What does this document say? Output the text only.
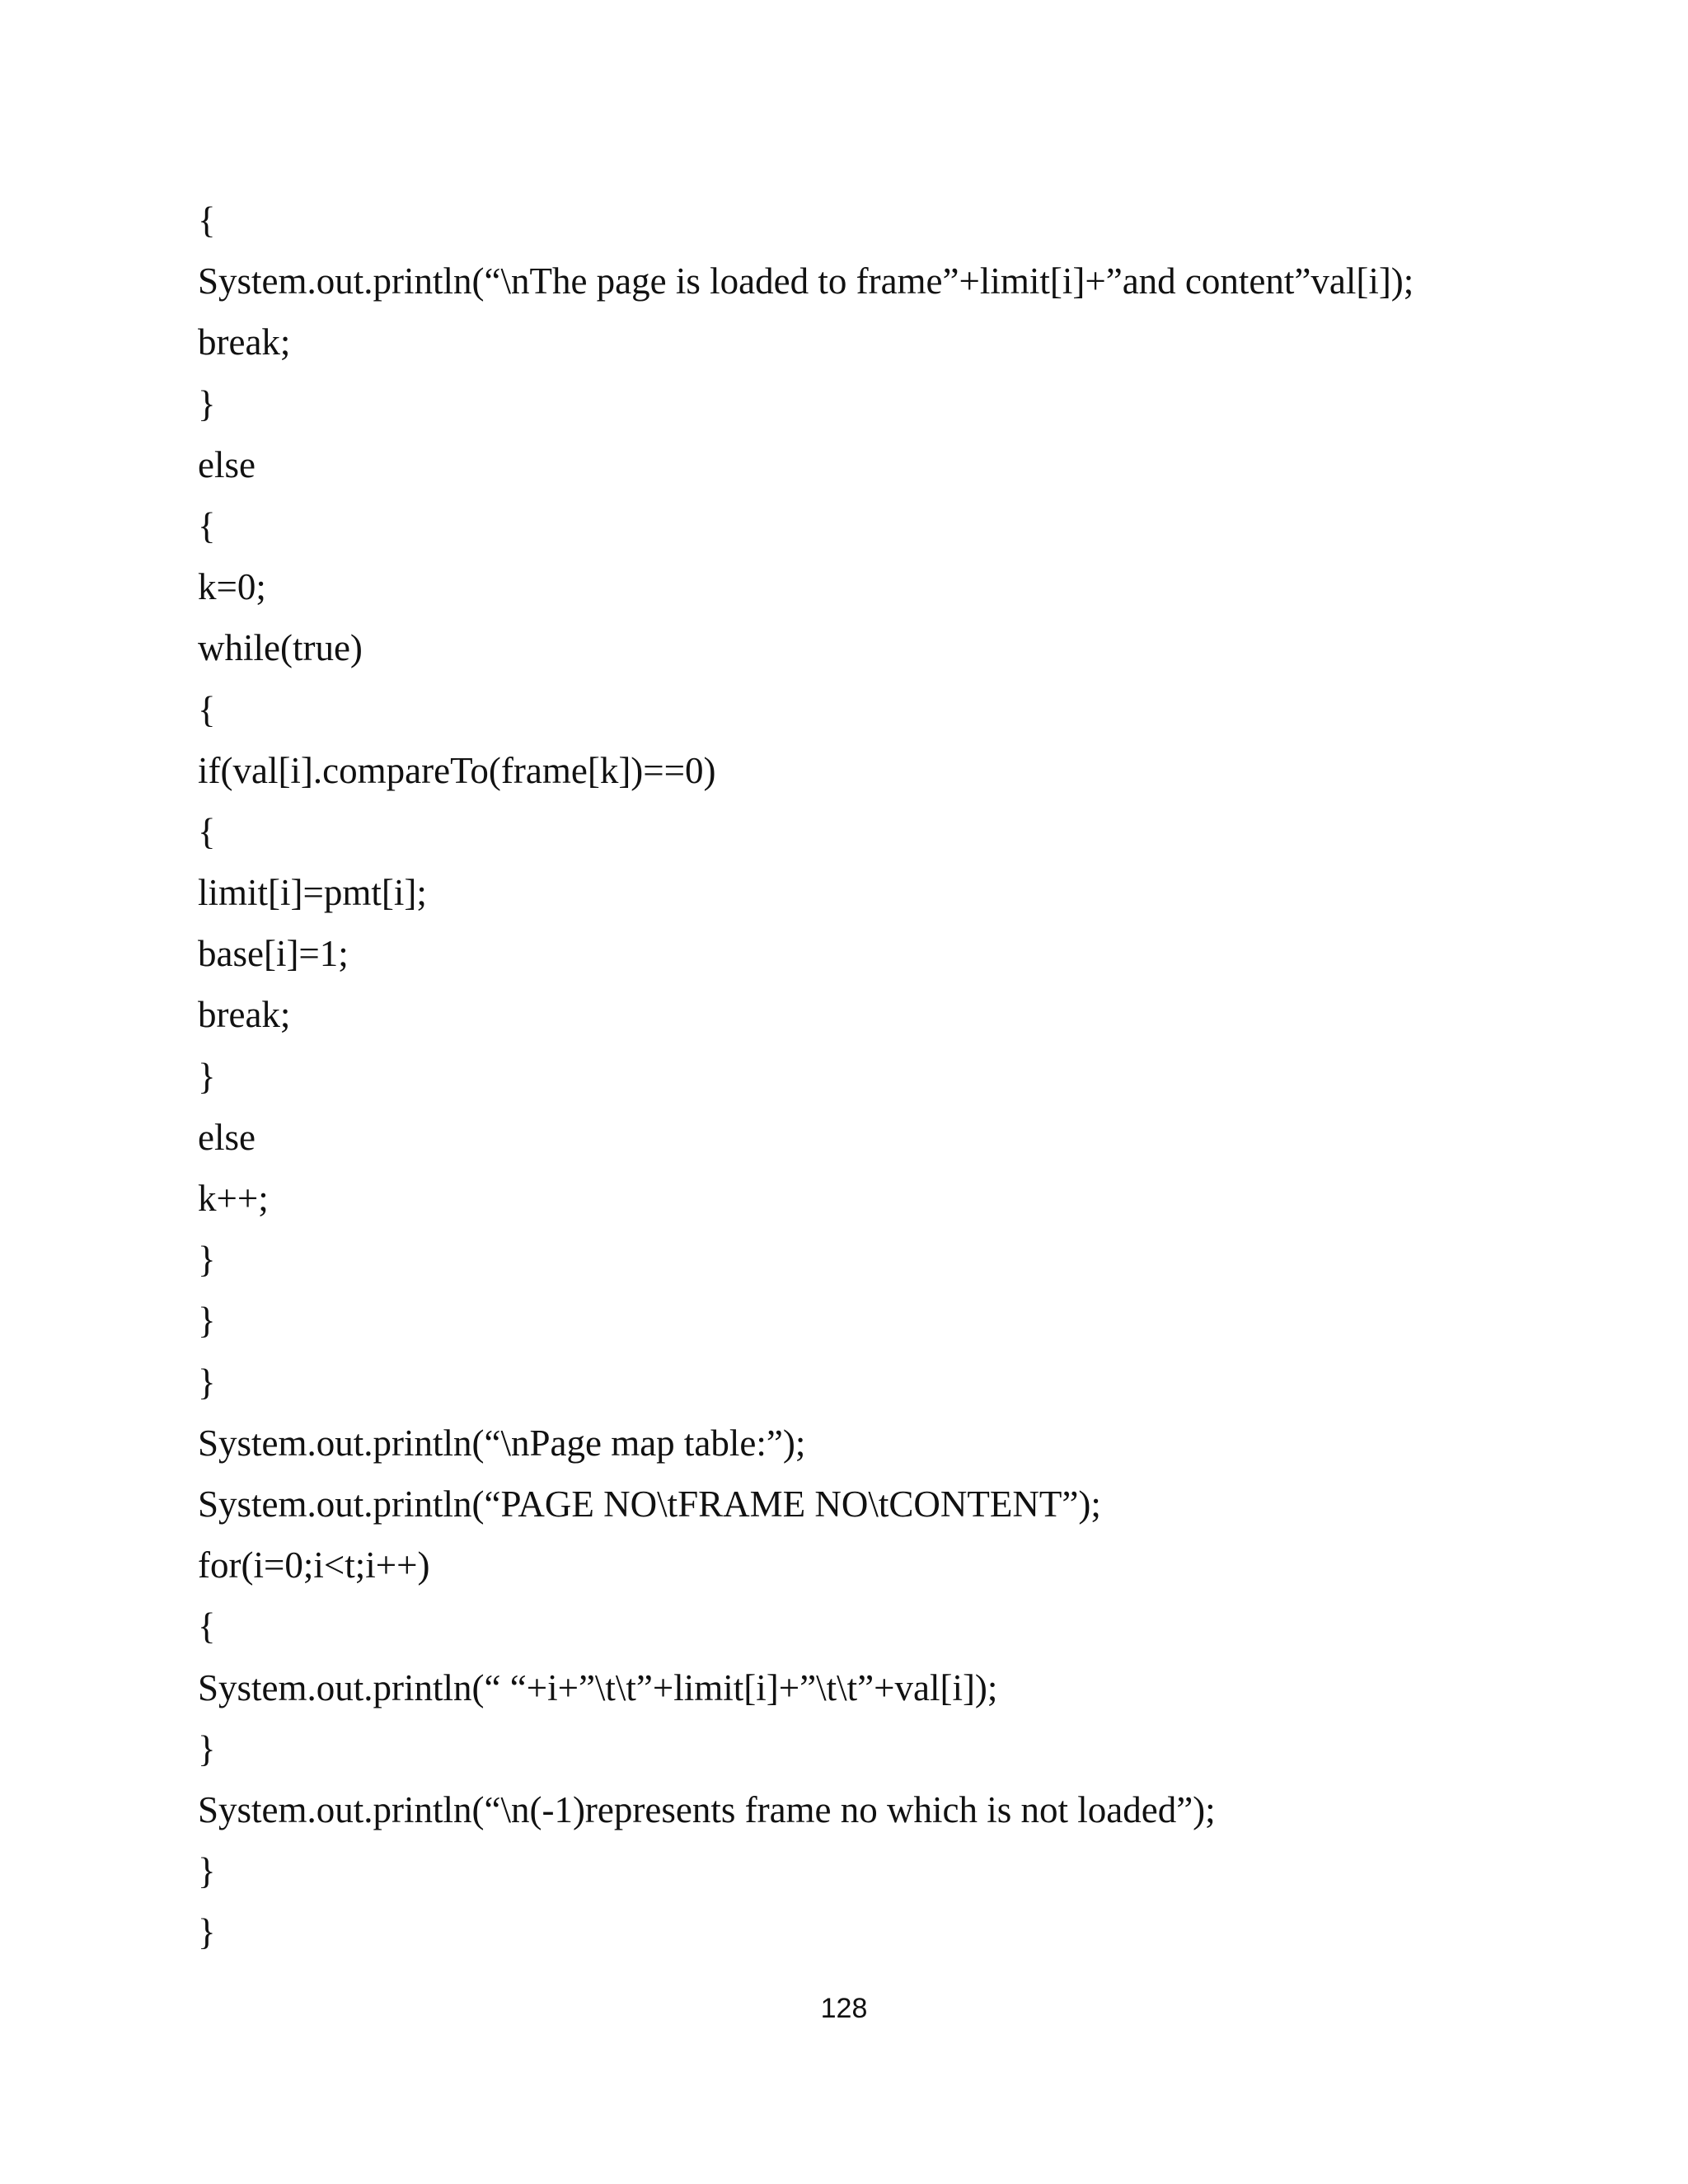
{
System.out.println(“\nThe page is loaded to frame”+limit[i]+”and content”val[i]);
break;
}
else
{
k=0;
while(true)
{
if(val[i].compareTo(frame[k])==0)
{
limit[i]=pmt[i];
base[i]=1;
break;
}
else
k++;
}
}
}
System.out.println(“\nPage map table:”);
System.out.println(“PAGE NO\tFRAME NO\tCONTENT”);
for(i=0;i<t;i++)
{
System.out.println(“ “+i+”\t\t”+limit[i]+”\t\t”+val[i]);
}
System.out.println(“\n(-1)represents frame no which is not loaded”);
}
}
128
